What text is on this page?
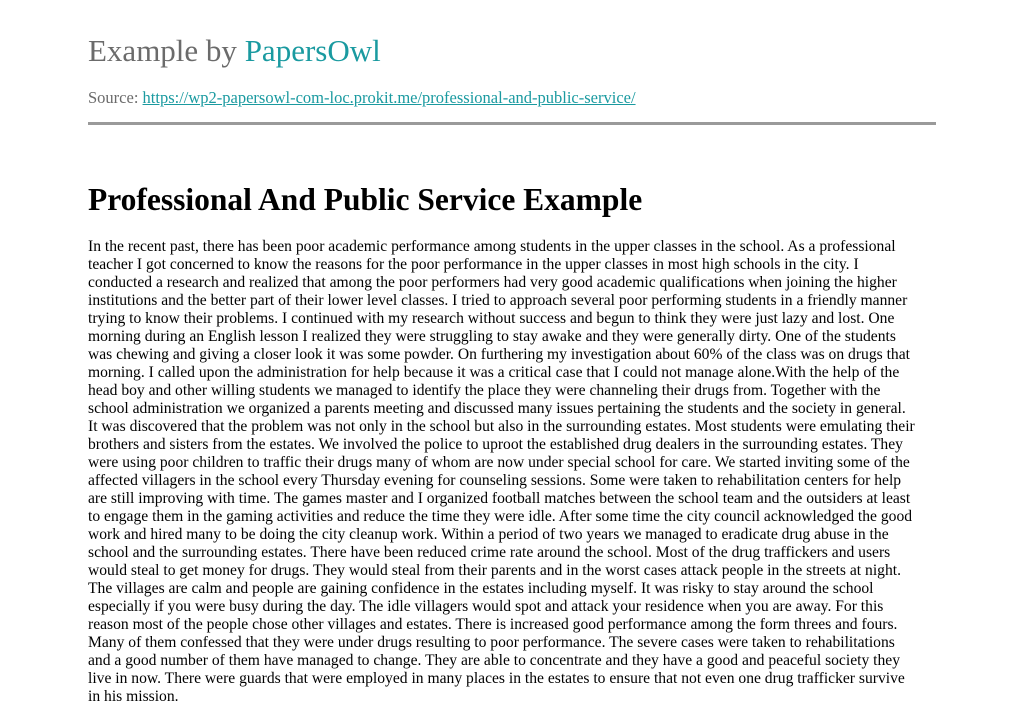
Example by PapersOwl
Source: https://wp2-papersowl-com-loc.prokit.me/professional-and-public-service/
Professional And Public Service Example
In the recent past, there has been poor academic performance among students in the upper classes in the school. As a professional
teacher I got concerned to know the reasons for the poor performance in the upper classes in most high schools in the city. I
conducted a research and realized that among the poor performers had very good academic qualifications when joining the higher
institutions and the better part of their lower level classes. I tried to approach several poor performing students in a friendly manner
trying to know their problems. I continued with my research without success and begun to think they were just lazy and lost. One
morning during an English lesson I realized they were struggling to stay awake and they were generally dirty. One of the students
was chewing and giving a closer look it was some powder. On furthering my investigation about 60% of the class was on drugs that
morning. I called upon the administration for help because it was a critical case that I could not manage alone.With the help of the
head boy and other willing students we managed to identify the place they were channeling their drugs from. Together with the
school administration we organized a parents meeting and discussed many issues pertaining the students and the society in general.
It was discovered that the problem was not only in the school but also in the surrounding estates. Most students were emulating their
brothers and sisters from the estates. We involved the police to uproot the established drug dealers in the surrounding estates. They
were using poor children to traffic their drugs many of whom are now under special school for care. We started inviting some of the
affected villagers in the school every Thursday evening for counseling sessions. Some were taken to rehabilitation centers for help
are still improving with time. The games master and I organized football matches between the school team and the outsiders at least
to engage them in the gaming activities and reduce the time they were idle. After some time the city council acknowledged the good
work and hired many to be doing the city cleanup work. Within a period of two years we managed to eradicate drug abuse in the
school and the surrounding estates. There have been reduced crime rate around the school. Most of the drug traffickers and users
would steal to get money for drugs. They would steal from their parents and in the worst cases attack people in the streets at night.
The villages are calm and people are gaining confidence in the estates including myself. It was risky to stay around the school
especially if you were busy during the day. The idle villagers would spot and attack your residence when you are away. For this
reason most of the people chose other villages and estates. There is increased good performance among the form threes and fours.
Many of them confessed that they were under drugs resulting to poor performance. The severe cases were taken to rehabilitations
and a good number of them have managed to change. They are able to concentrate and they have a good and peaceful society they
live in now. There were guards that were employed in many places in the estates to ensure that not even one drug trafficker survive
in his mission.
